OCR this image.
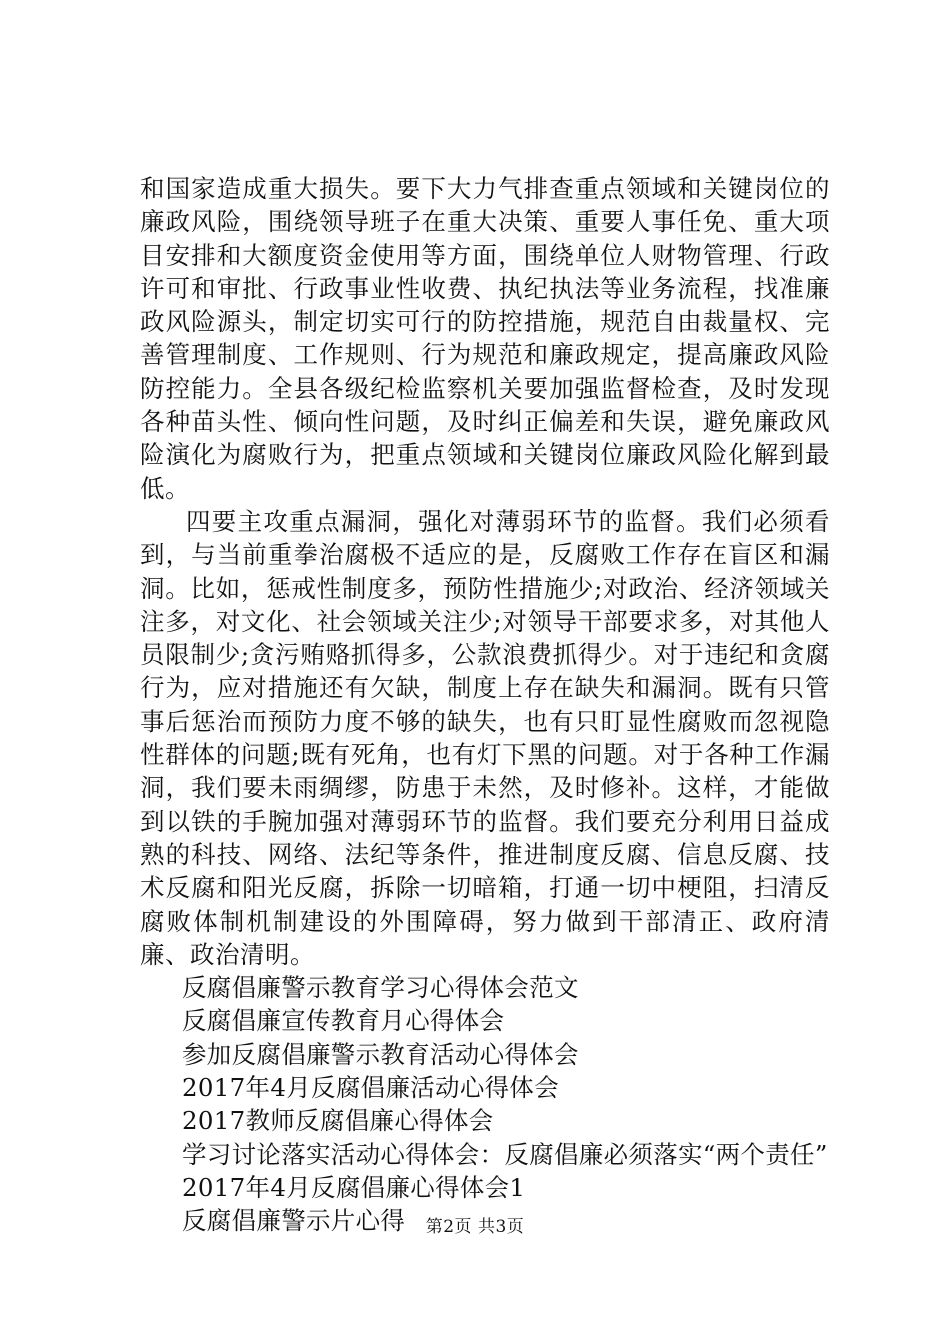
和国家造成重大损失。要下大力气排查重点领域和关键岗位的廉政风险，围绕领导班子在重大决策、重要人事任免、重大项目安排和大额度资金使用等方面，围绕单位人财物管理、行政许可和审批、行政事业性收费、执纪执法等业务流程，找准廉政风险源头，制定切实可行的防控措施，规范自由裁量权、完善管理制度、工作规则、行为规范和廉政规定，提高廉政风险防控能力。全县各级纪检监察机关要加强监督检查，及时发现各种苗头性、倾向性问题，及时纠正偏差和失误，避免廉政风险演化为腐败行为，把重点领域和关键岗位廉政风险化解到最低。

四要主攻重点漏洞，强化对薄弱环节的监督。我们必须看到，与当前重拳治腐极不适应的是，反腐败工作存在盲区和漏洞。比如，惩戒性制度多，预防性措施少;对政治、经济领域关注多，对文化、社会领域关注少;对领导干部要求多，对其他人员限制少;贪污贿赂抓得多，公款浪费抓得少。对于违纪和贪腐行为，应对措施还有欠缺，制度上存在缺失和漏洞。既有只管事后惩治而预防力度不够的缺失，也有只盯显性腐败而忽视隐性群体的问题;既有死角，也有灯下黑的问题。对于各种工作漏洞，我们要未雨绸缪，防患于未然，及时修补。这样，才能做到以铁的手腕加强对薄弱环节的监督。我们要充分利用日益成熟的科技、网络、法纪等条件，推进制度反腐、信息反腐、技术反腐和阳光反腐，拆除一切暗箱，打通一切中梗阻，扫清反腐败体制机制建设的外围障碍，努力做到干部清正、政府清廉、政治清明。

反腐倡廉警示教育学习心得体会范文
反腐倡廉宣传教育月心得体会
参加反腐倡廉警示教育活动心得体会
2017年4月反腐倡廉活动心得体会
2017教师反腐倡廉心得体会
学习讨论落实活动心得体会：反腐倡廉必须落实“两个责任”
2017年4月反腐倡廉心得体会1
反腐倡廉警示片心得	第2页 共3页
